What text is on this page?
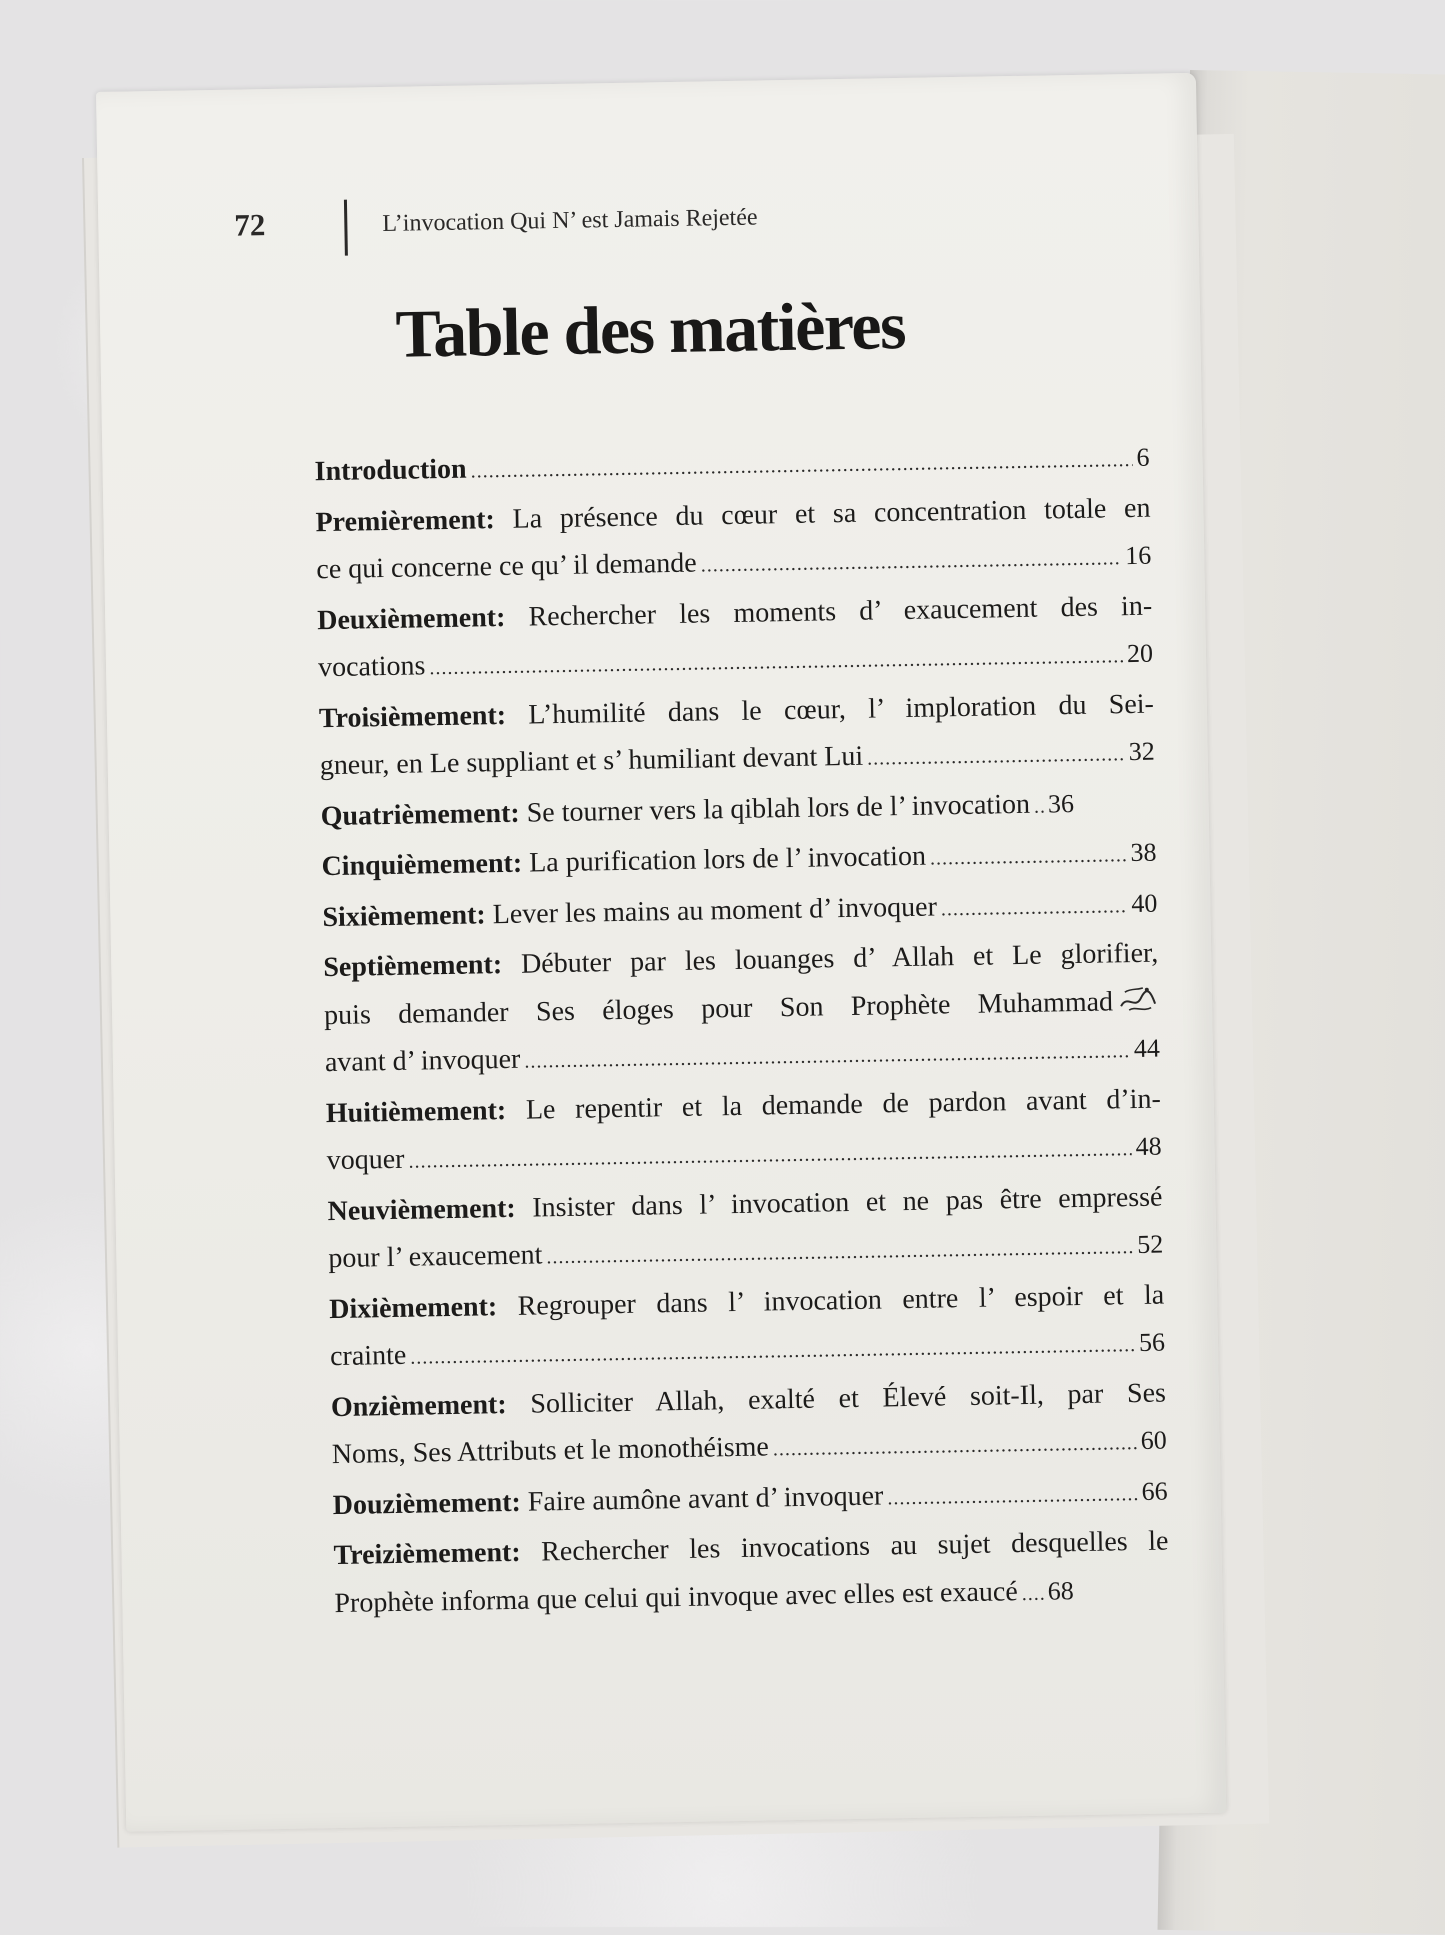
72	L’invocation Qui N’ est Jamais Rejetée
Table des matières
Introduction .....	6
Premièrement: La présence du cœur et sa concentration totale en
ce qui concerne ce qu’ il demande .....	16
Deuxièmement: Rechercher les moments d’ exaucement des in-
vocations .....	20
Troisièmement: L’humilité dans le cœur, l’ imploration du Sei-
gneur, en Le suppliant et s’ humiliant devant Lui .....	32
Quatrièmement: Se tourner vers la qiblah lors de l’ invocation ..... 36
Cinquièmement: La purification lors de l’ invocation .....	38
Sixièmement: Lever les mains au moment d’ invoquer .....	40
Septièmement: Débuter par les louanges d’ Allah et Le glorifier,
puis demander Ses éloges pour Son Prophète Muhammad
avant d’ invoquer .....	44
Huitièmement: Le repentir et la demande de pardon avant d’in-
voquer .....	48
Neuvièmement: Insister dans l’ invocation et ne pas être empressé
pour l’ exaucement .....	52
Dixièmement: Regrouper dans l’ invocation entre l’ espoir et la
crainte .....	56
Onzièmement: Solliciter Allah, exalté et Élevé soit-Il, par Ses
Noms, Ses Attributs et le monothéisme .....	60
Douzièmement: Faire aumône avant d’ invoquer .....	66
Treizièmement: Rechercher les invocations au sujet desquelles le
Prophète informa que celui qui invoque avec elles est exaucé ..... 68
